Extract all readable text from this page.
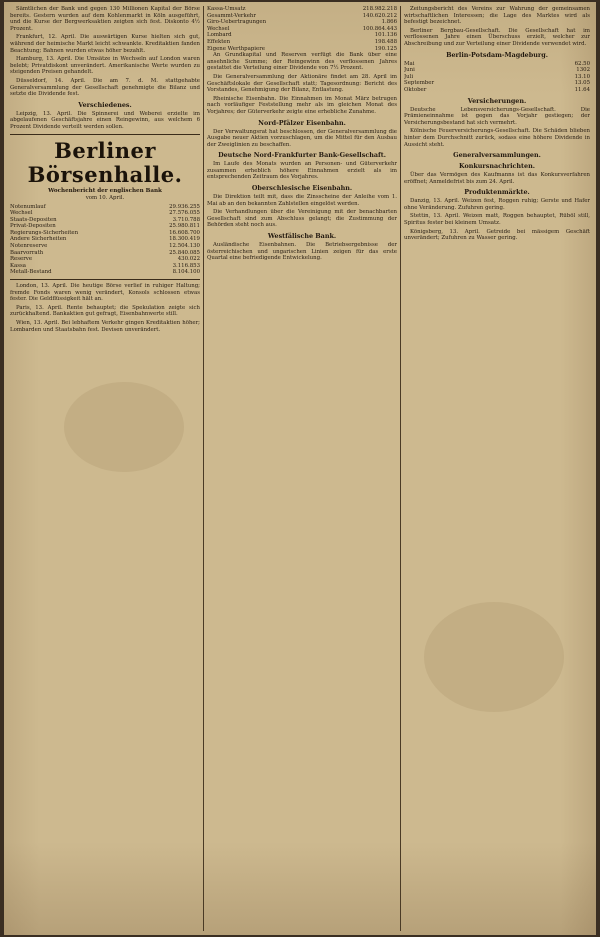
Sämtlichen der Bank und gegen 130 Millionen Kapital der Börse bereits. Gestern wurden auf dem Kohlenmarkt in Köln ausgeführt, und die Kurse der Bergwerksaktien zeigten sich fest. Diskonto 4½ Prozent.

Frankfurt, 12. April. Die auswärtigen Kurse hielten sich gut, während der heimische Markt leicht schwankte. Kreditaktien fanden Beachtung; Bahnen wurden etwas höher bezahlt.

Hamburg, 13. April. Die Umsätze in Wechseln auf London waren belebt; Privatdiskont unverändert. Amerikanische Werte wurden zu steigenden Preisen gehandelt.

Düsseldorf, 14. April. Die am 7. d. M. stattgehabte Generalversammlung der Gesellschaft genehmigte die Bilanz und setzte die Dividende fest.

Verschiedenes.

Leipzig, 13. April. Die Spinnerei und Weberei erzielte im abgelaufenen Geschäftsjahre einen Reingewinn, aus welchem 6 Prozent Dividende verteilt werden sollen.

Berliner Börsenhalle.
Wochenbericht der englischen Bank
vom 10. April.
Notenumlauf	29.936.255
Wechsel	27.576.055
Staats-Depositen	3.710.788
Privat-Depositen	25.980.811
Regierungs-Sicherheiten	16.608.700
Andere Sicherheiten	18.300.419
Notenreserve	12.504.130
Baarvorrath	25.840.085
Reserve	430.022
Kassa	3.116.853
Metall-Bestand	8.104.100

London, 13. April. Die heutige Börse verlief in ruhiger Haltung; fremde Fonds waren wenig verändert, Konsols schlossen etwas fester. Die Geldflüssigkeit hält an.

Paris, 13. April. Rente behauptet; die Spekulation zeigte sich zurückhaltend. Bankaktien gut gefragt, Eisenbahnwerte still.

Wien, 13. April. Bei lebhaftem Verkehr gingen Kreditaktien höher; Lombarden und Staatsbahn fest. Devisen unverändert.

Kassa-Umsatz	218.982.218
Gesammt-Verkehr	140.620.212
Giro-Uebertragungen	1.866
Wechsel	100.864.443
Lombard	101.136
Effekten	198.488
Eigene Werthpapiere	190.125

An Grundkapital und Reserven verfügt die Bank über eine ansehnliche Summe; der Reingewinn des verflossenen Jahres gestattet die Verteilung einer Dividende von 7½ Prozent.

Die Generalversammlung der Aktionäre findet am 28. April im Geschäftslokale der Gesellschaft statt; Tagesordnung: Bericht des Vorstandes, Genehmigung der Bilanz, Entlastung.

Rheinische Eisenbahn. Die Einnahmen im Monat März betrugen nach vorläufiger Feststellung mehr als im gleichen Monat des Vorjahres; der Güterverkehr zeigte eine erhebliche Zunahme.

Nord-Pfälzer Eisenbahn.

Der Verwaltungsrat hat beschlossen, der Generalversammlung die Ausgabe neuer Aktien vorzuschlagen, um die Mittel für den Ausbau der Zweiglinien zu beschaffen.

Deutsche Nord-Frankfurter Bank-Gesellschaft.

Im Laufe des Monats wurden an Personen- und Güterverkehr zusammen erheblich höhere Einnahmen erzielt als im entsprechenden Zeitraum des Vorjahres.

Oberschlesische Eisenbahn.

Die Direktion teilt mit, dass die Zinsscheine der Anleihe vom 1. Mai ab an den bekannten Zahlstellen eingelöst werden.

Die Verhandlungen über die Vereinigung mit der benachbarten Gesellschaft sind zum Abschluss gelangt; die Zustimmung der Behörden steht noch aus.

Westfälische Bank.

Ausländische Eisenbahnen. Die Betriebsergebnisse der österreichischen und ungarischen Linien zeigen für das erste Quartal eine befriedigende Entwickelung.

Zeitungsbericht des Vereins zur Wahrung der gemeinsamen wirtschaftlichen Interessen; die Lage des Marktes wird als befestigt bezeichnet.

Berliner Bergbau-Gesellschaft. Die Gesellschaft hat im verflossenen Jahre einen Überschuss erzielt, welcher zur Abschreibung und zur Verteilung einer Dividende verwendet wird.

Berlin-Potsdam-Magdeburg.
Mai	62.50
Juni	1302
Juli	13.10
September	13.05
Oktober	11.64
Versicherungen.

Deutsche Lebensversicherungs-Gesellschaft. Die Prämieneinnahme ist gegen das Vorjahr gestiegen; der Versicherungsbestand hat sich vermehrt.

Kölnische Feuerversicherungs-Gesellschaft. Die Schäden blieben hinter dem Durchschnitt zurück, sodass eine höhere Dividende in Aussicht steht.

Generalversammlungen.
Konkursnachrichten.

Über das Vermögen des Kaufmanns ist das Konkursverfahren eröffnet; Anmeldefrist bis zum 24. April.

Produktenmärkte.

Danzig, 13. April. Weizen fest, Roggen ruhig; Gerste und Hafer ohne Veränderung. Zufuhren gering.

Stettin, 13. April. Weizen matt, Roggen behauptet, Rüböl still, Spiritus fester bei kleinem Umsatz.

Königsberg, 13. April. Getreide bei mässigem Geschäft unverändert; Zufuhren zu Wasser gering.
